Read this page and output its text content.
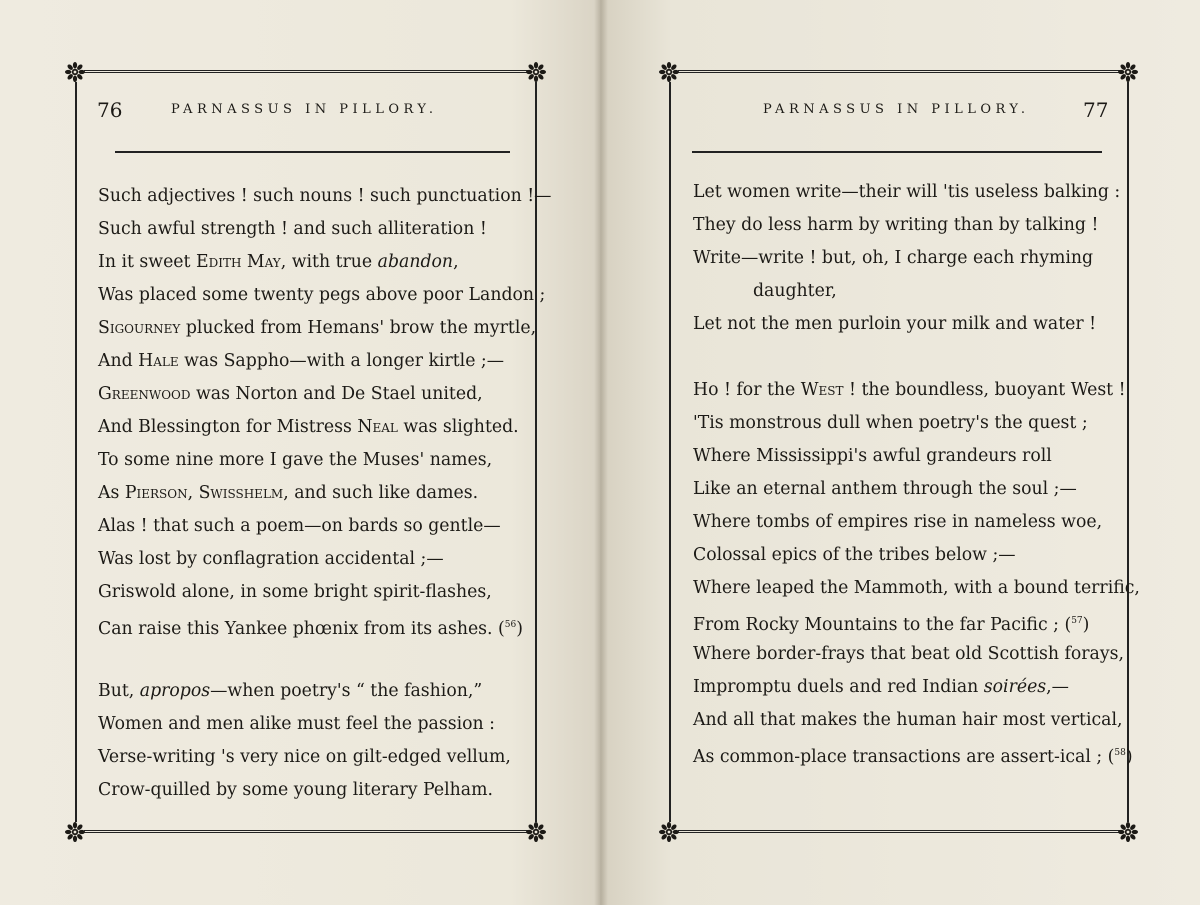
76	PARNASSUS IN PILLORY.
Such adjectives ! such nouns ! such punctuation !—
Such awful strength ! and such alliteration !
In it sweet Edith May, with true abandon,
Was placed some twenty pegs above poor Landon ;
Sigourney plucked from Hemans' brow the myrtle,
And Hale was Sappho—with a longer kirtle ;—
Greenwood was Norton and De Stael united,
And Blessington for Mistress Neal was slighted.
To some nine more I gave the Muses' names,
As Pierson, Swisshelm, and such like dames.
Alas ! that such a poem—on bards so gentle—
Was lost by conflagration accidental ;—
Griswold alone, in some bright spirit-flashes,
Can raise this Yankee phœnix from its ashes. ($^{56}$)
But, apropos—when poetry's “ the fashion,”
Women and men alike must feel the passion :
Verse-writing 's very nice on gilt-edged vellum,
Crow-quilled by some young literary Pelham.
PARNASSUS IN PILLORY.	77
Let women write—their will 'tis useless balking :
They do less harm by writing than by talking !
Write—write ! but, oh, I charge each rhyming
daughter,
Let not the men purloin your milk and water !
Ho ! for the West ! the boundless, buoyant West !
'Tis monstrous dull when poetry's the quest ;
Where Mississippi's awful grandeurs roll
Like an eternal anthem through the soul ;—
Where tombs of empires rise in nameless woe,
Colossal epics of the tribes below ;—
Where leaped the Mammoth, with a bound terrific,
From Rocky Mountains to the far Pacific ; ($^{57}$)
Where border-frays that beat old Scottish forays,
Impromptu duels and red Indian soirées,—
And all that makes the human hair most vertical,
As common-place transactions are assert-ical ; ($^{58}$)
